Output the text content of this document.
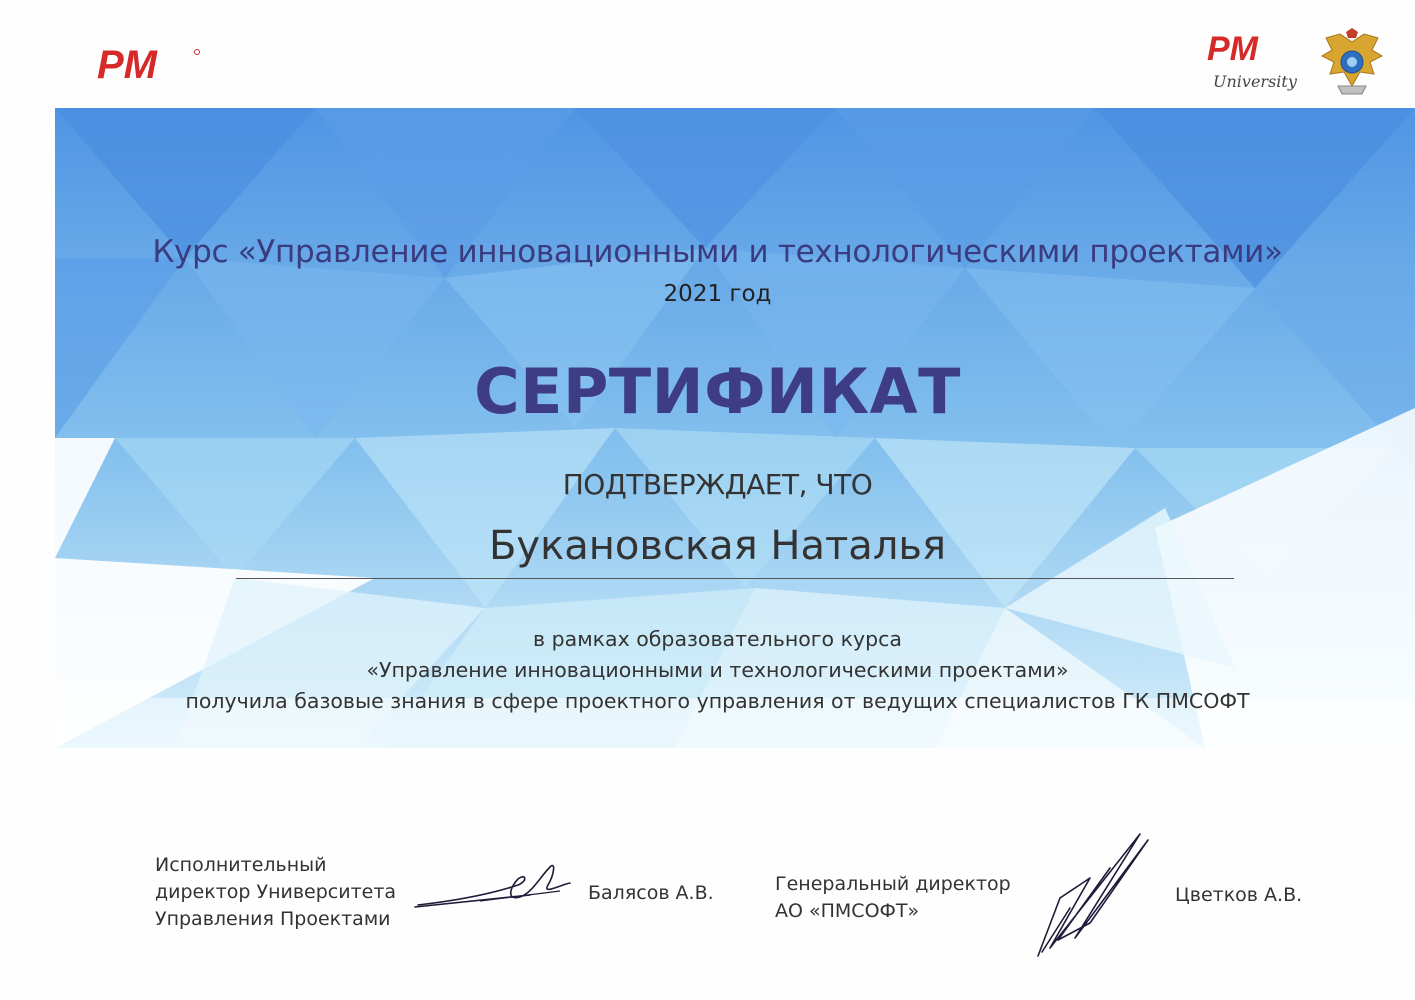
PM	PM
University
Курс «Управление инновационными и технологическими проектами»
2021 год
СЕРТИФИКАТ
ПОДТВЕРЖДАЕТ, ЧТО
Букановская Наталья
в рамках образовательного курса
«Управление инновационными и технологическими проектами»
получила базовые знания в сфере проектного управления от ведущих специалистов ГК ПМСОФТ
Исполнительный
директор Университета
Управления Проектами
Балясов А.В.	Генеральный директор
АО «ПМСОФТ»
Цветков А.В.
